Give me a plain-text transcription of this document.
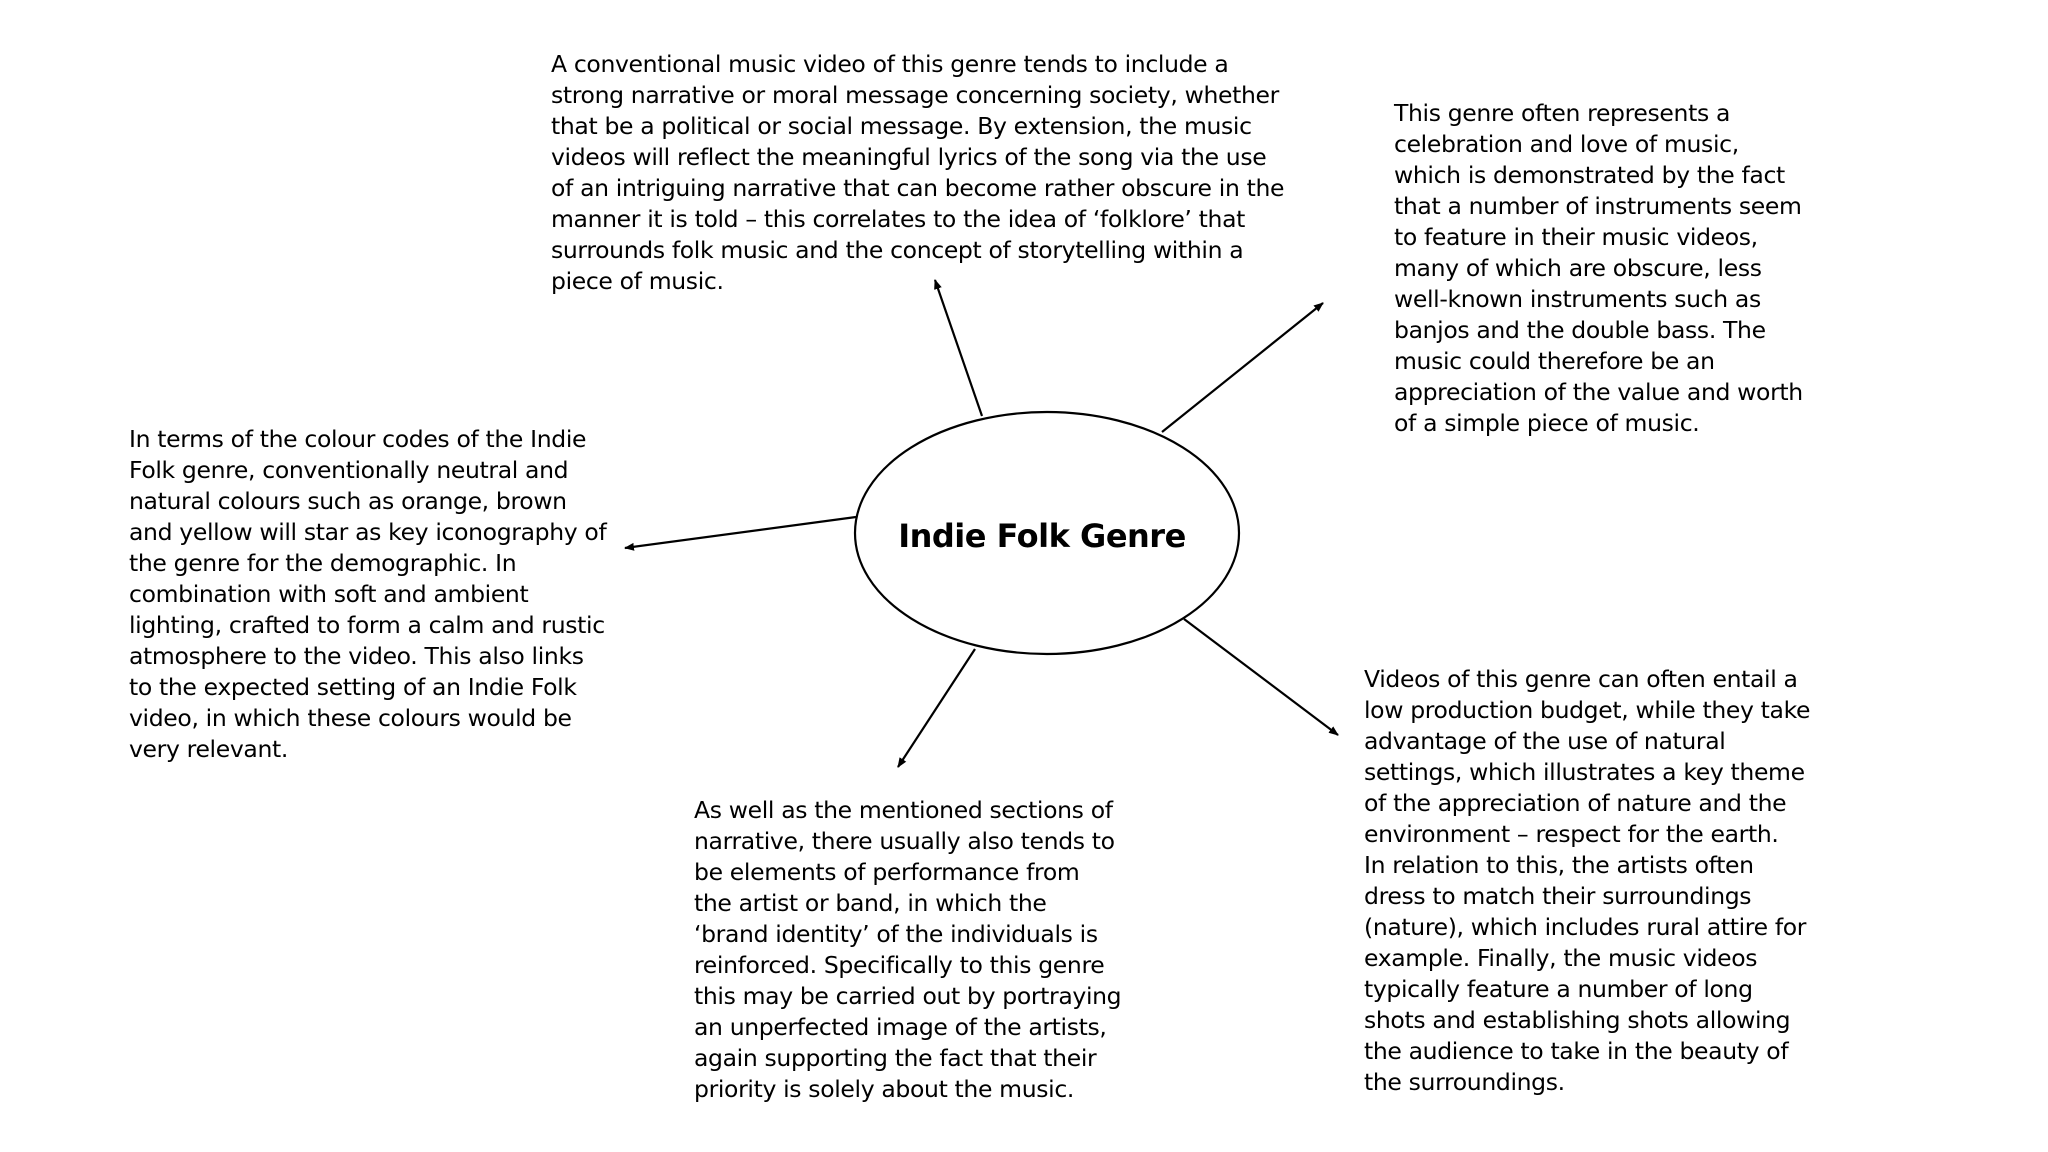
Indie Folk Genre
A conventional music video of this genre tends to include a
strong narrative or moral message concerning society, whether
that be a political or social message. By extension, the music
videos will reflect the meaningful lyrics of the song via the use
of an intriguing narrative that can become rather obscure in the
manner it is told – this correlates to the idea of ‘folklore’ that
surrounds folk music and the concept of storytelling within a
piece of music.
This genre often represents a
celebration and love of music,
which is demonstrated by the fact
that a number of instruments seem
to feature in their music videos,
many of which are obscure, less
well-known instruments such as
banjos and the double bass. The
music could therefore be an
appreciation of the value and worth
of a simple piece of music.
In terms of the colour codes of the Indie
Folk genre, conventionally neutral and
natural colours such as orange, brown
and yellow will star as key iconography of
the genre for the demographic. In
combination with soft and ambient
lighting, crafted to form a calm and rustic
atmosphere to the video. This also links
to the expected setting of an Indie Folk
video, in which these colours would be
very relevant.
As well as the mentioned sections of
narrative, there usually also tends to
be elements of performance from
the artist or band, in which the
‘brand identity’ of the individuals is
reinforced. Specifically to this genre
this may be carried out by portraying
an unperfected image of the artists,
again supporting the fact that their
priority is solely about the music.
Videos of this genre can often entail a
low production budget, while they take
advantage of the use of natural
settings, which illustrates a key theme
of the appreciation of nature and the
environment – respect for the earth.
In relation to this, the artists often
dress to match their surroundings
(nature), which includes rural attire for
example. Finally, the music videos
typically feature a number of long
shots and establishing shots allowing
the audience to take in the beauty of
the surroundings.
